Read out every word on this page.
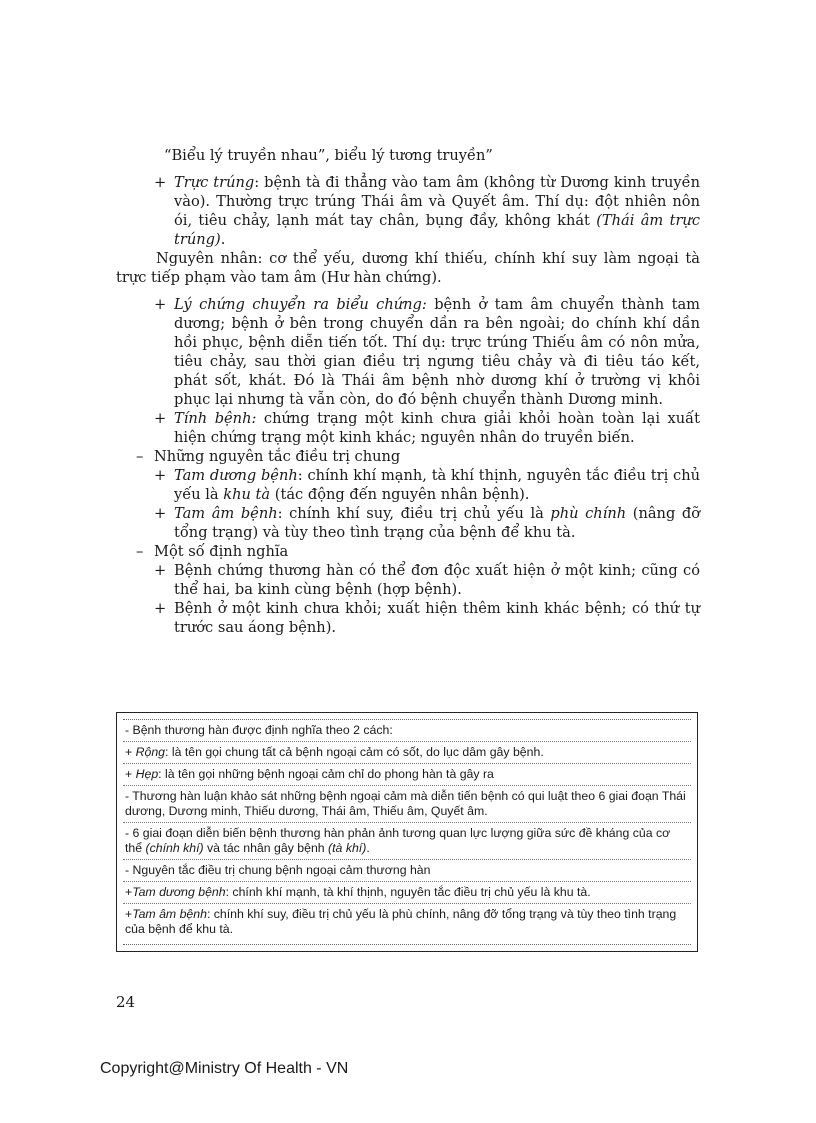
“Biểu lý truyền nhau”, biểu lý tương truyền”

+ Trực trúng: bệnh tà đi thẳng vào tam âm (không từ Dương kinh truyền vào). Thường trực trúng Thái âm và Quyết âm. Thí dụ: đột nhiên nôn ói, tiêu chảy, lạnh mát tay chân, bụng đầy, không khát (Thái âm trực trúng).

Nguyên nhân: cơ thể yếu, dương khí thiếu, chính khí suy làm ngoại tà trực tiếp phạm vào tam âm (Hư hàn chứng).

+ Lý chứng chuyển ra biểu chứng: bệnh ở tam âm chuyển thành tam dương; bệnh ở bên trong chuyển dần ra bên ngoài; do chính khí dần hồi phục, bệnh diễn tiến tốt. Thí dụ: trực trúng Thiếu âm có nôn mửa, tiêu chảy, sau thời gian điều trị ngưng tiêu chảy và đi tiêu táo kết, phát sốt, khát. Đó là Thái âm bệnh nhờ dương khí ở trường vị khôi phục lại nhưng tà vẫn còn, do đó bệnh chuyển thành Dương minh.

+ Tính bệnh: chứng trạng một kinh chưa giải khỏi hoàn toàn lại xuất hiện chứng trạng một kinh khác; nguyên nhân do truyền biến.

– Những nguyên tắc điều trị chung

+ Tam dương bệnh: chính khí mạnh, tà khí thịnh, nguyên tắc điều trị chủ yếu là khu tà (tác động đến nguyên nhân bệnh).

+ Tam âm bệnh: chính khí suy, điều trị chủ yếu là phù chính (nâng đỡ tổng trạng) và tùy theo tình trạng của bệnh để khu tà.

– Một số định nghĩa

+ Bệnh chứng thương hàn có thể đơn độc xuất hiện ở một kinh; cũng có thể hai, ba kinh cùng bệnh (hợp bệnh).

+ Bệnh ở một kinh chưa khỏi; xuất hiện thêm kinh khác bệnh; có thứ tự trước sau áong bệnh).

- Bệnh thương hàn được định nghĩa theo 2 cách:
+ Rộng: là tên gọi chung tất cả bệnh ngoại cảm có sốt, do lục dâm gây bệnh.
+ Hẹp: là tên gọi những bệnh ngoại cảm chỉ do phong hàn tà gây ra
- Thương hàn luận khảo sát những bệnh ngoại cảm mà diễn tiến bệnh có qui luật theo 6 giai đoạn Thái dương, Dương minh, Thiếu dương, Thái âm, Thiếu âm, Quyết âm.
- 6 giai đoạn diễn biến bệnh thương hàn phản ảnh tương quan lực lượng giữa sức đề kháng của cơ thể (chính khí) và tác nhân gây bệnh (tà khí).
- Nguyên tắc điều trị chung bệnh ngoại cảm thương hàn
+Tam dương bệnh: chính khí mạnh, tà khí thịnh, nguyên tắc điều trị chủ yếu là khu tà.
+Tam âm bệnh: chính khí suy, điều trị chủ yếu là phù chính, nâng đỡ tổng trạng và tùy theo tình trạng của bệnh để khu tà.
24
Copyright@Ministry Of Health - VN
